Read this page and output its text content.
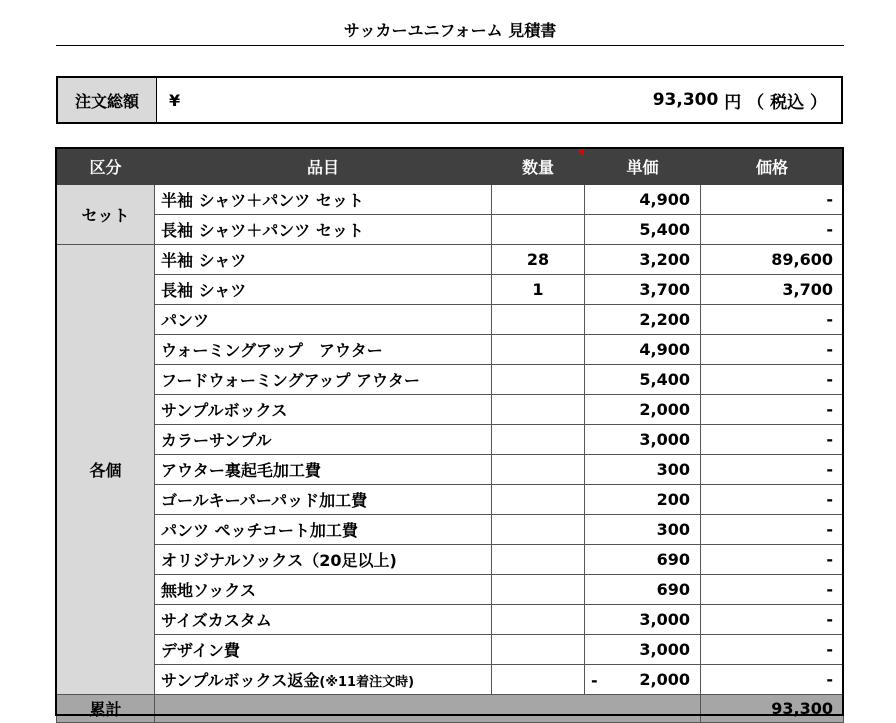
サッカーユニフォーム 見積書
注文総額	¥	93,300 円 （ 税込 ）
区分	品目	数量	単価	価格
セット	半袖 シャツ＋パンツ セット		4,900	-
	長袖 シャツ＋パンツ セット		5,400	-
各個	半袖 シャツ	28	3,200	89,600
	長袖 シャツ	1	3,700	3,700
	パンツ		2,200	-
	ウォーミングアップ　アウター		4,900	-
	フードウォーミングアップ アウター		5,400	-
	サンプルボックス		2,000	-
	カラーサンプル		3,000	-
	アウター裏起毛加工費		300	-
	ゴールキーパーパッド加工費		200	-
	パンツ ペッチコート加工費		300	-
	オリジナルソックス（20足以上)		690	-
	無地ソックス		690	-
	サイズカスタム		3,000	-
	デザイン費		3,000	-
	サンプルボックス返金(※11着注文時)		- 2,000	-
累計				93,300
